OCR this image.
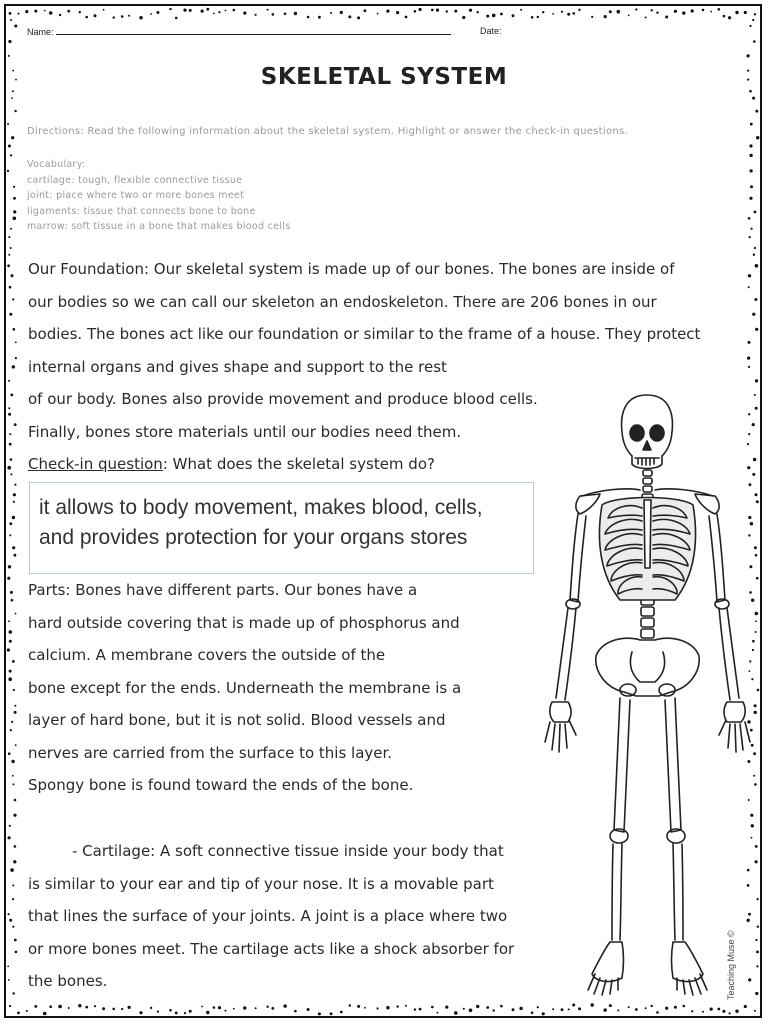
Name:	Date:
SKELETAL SYSTEM
Directions: Read the following information about the skeletal system. Highlight or answer the check-in questions.
Vocabulary:
cartilage: tough, flexible connective tissue
joint: place where two or more bones meet
ligaments: tissue that connects bone to bone
marrow: soft tissue in a bone that makes blood cells
Our Foundation: Our skeletal system is made up of our bones. The bones are inside of
our bodies so we can call our skeleton an endoskeleton. There are 206 bones in our
bodies. The bones act like our foundation or similar to the frame of a house. They protect
internal organs and gives shape and support to the rest
of our body. Bones also provide movement and produce blood cells.
Finally, bones store materials until our bodies need them.
Check-in question: What does the skeletal system do?
it allows to body movement, makes blood, cells,
and provides protection for your organs stores
Parts: Bones have different parts. Our bones have a
hard outside covering that is made up of phosphorus and
calcium. A membrane covers the outside of the
bone except for the ends. Underneath the membrane is a
layer of hard bone, but it is not solid. Blood vessels and
nerves are carried from the surface to this layer.
Spongy bone is found toward the ends of the bone.
- Cartilage: A soft connective tissue inside your body that
is similar to your ear and tip of your nose. It is a movable part
that lines the surface of your joints. A joint is a place where two
or more bones meet. The cartilage acts like a shock absorber for
the bones.	Teaching Muse ©
